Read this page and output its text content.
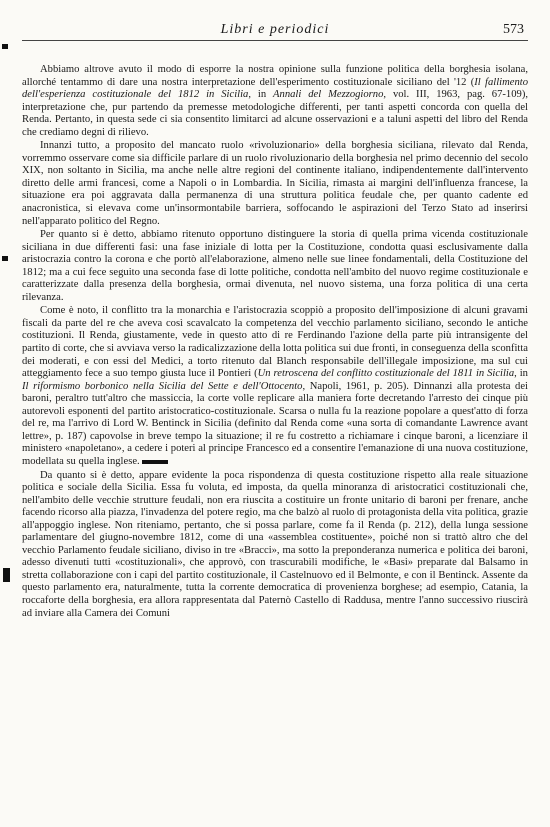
Libri e periodici	573

Abbiamo altrove avuto il modo di esporre la nostra opinione sulla funzione politica della borghesia isolana, allorché tentammo di dare una nostra interpretazione dell'esperimento costituzionale siciliano del '12 (Il fallimento dell'esperienza costituzionale del 1812 in Sicilia, in Annali del Mezzogiorno, vol. III, 1963, pag. 67-109), interpretazione che, pur partendo da premesse metodologiche differenti, per tanti aspetti concorda con quella del Renda. Pertanto, in questa sede ci sia consentito limitarci ad alcune osservazioni e a taluni aspetti del libro del Renda che crediamo degni di rilievo.

Innanzi tutto, a proposito del mancato ruolo «rivoluzionario» della borghesia siciliana, rilevato dal Renda, vorremmo osservare come sia difficile parlare di un ruolo rivoluzionario della borghesia nel primo decennio del secolo XIX, non soltanto in Sicilia, ma anche nelle altre regioni del continente italiano, indipendentemente dall'intervento diretto delle armi francesi, come a Napoli o in Lombardia. In Sicilia, rimasta ai margini dell'influenza francese, la situazione era poi aggravata dalla permanenza di una struttura politica feudale che, per quanto cadente ed anacronistica, si elevava come un'insormontabile barriera, soffocando le aspirazioni del Terzo Stato ad inserirsi nell'apparato politico del Regno.

Per quanto si è detto, abbiamo ritenuto opportuno distinguere la storia di quella prima vicenda costituzionale siciliana in due differenti fasi: una fase iniziale di lotta per la Costituzione, condotta quasi esclusivamente dalla aristocrazia contro la corona e che portò all'elaborazione, almeno nelle sue linee fondamentali, della Costituzione del 1812; ma a cui fece seguito una seconda fase di lotte politiche, condotta nell'ambito del nuovo regime costituzionale e caratterizzate dalla presenza della borghesia, ormai divenuta, nel nuovo sistema, una forza politica di una certa rilevanza.

Come è noto, il conflitto tra la monarchia e l'aristocrazia scoppiò a proposito dell'imposizione di alcuni gravami fiscali da parte del re che aveva così scavalcato la competenza del vecchio parlamento siciliano, secondo le antiche costituzioni. Il Renda, giustamente, vede in questo atto di re Ferdinando l'azione della parte più intransigente del partito di corte, che si avviava verso la radicalizzazione della lotta politica sui due fronti, in conseguenza della sconfitta dei moderati, e con essi del Medici, a torto ritenuto dal Blanch responsabile dell'illegale imposizione, ma sul cui atteggiamento fece a suo tempo giusta luce il Pontieri (Un retroscena del conflitto costituzionale del 1811 in Sicilia, in Il riformismo borbonico nella Sicilia del Sette e dell'Ottocento, Napoli, 1961, p. 205). Dinnanzi alla protesta dei baroni, peraltro tutt'altro che massiccia, la corte volle replicare alla maniera forte decretando l'arresto dei cinque più autorevoli esponenti del partito aristocratico-costituzionale. Scarsa o nulla fu la reazione popolare a quest'atto di forza del re, ma l'arrivo di Lord W. Bentinck in Sicilia (definito dal Renda come «una sorta di comandante Lawrence avant lettre», p. 187) capovolse in breve tempo la situazione; il re fu costretto a richiamare i cinque baroni, a licenziare il ministero «napoletano», a cedere i poteri al principe Francesco ed a consentire l'emanazione di una nuova costituzione, modellata su quella inglese.

Da quanto si è detto, appare evidente la poca rispondenza di questa costituzione rispetto alla reale situazione politica e sociale della Sicilia. Essa fu voluta, ed imposta, da quella minoranza di aristocratici costituzionali che, nell'ambito delle vecchie strutture feudali, non era riuscita a costituire un fronte unitario di baroni per frenare, anche facendo ricorso alla piazza, l'invadenza del potere regio, ma che balzò al ruolo di protagonista della vita politica, grazie all'appoggio inglese. Non riteniamo, pertanto, che si possa parlare, come fa il Renda (p. 212), della lunga sessione parlamentare del giugno-novembre 1812, come di una «assemblea costituente», poiché non si trattò altro che del vecchio Parlamento feudale siciliano, diviso in tre «Bracci», ma sotto la preponderanza numerica e politica dei baroni, adesso divenuti tutti «costituzionali», che approvò, con trascurabili modifiche, le «Basi» preparate dal Balsamo in stretta collaborazione con i capi del partito costituzionale, il Castelnuovo ed il Belmonte, e con il Bentinck. Assente da questo parlamento era, naturalmente, tutta la corrente democratica di provenienza borghese; ad esempio, Catania, la roccaforte della borghesia, era allora rappresentata dal Paternò Castello di Raddusa, mentre l'anno successivo riuscirà ad inviare alla Camera dei Comuni
